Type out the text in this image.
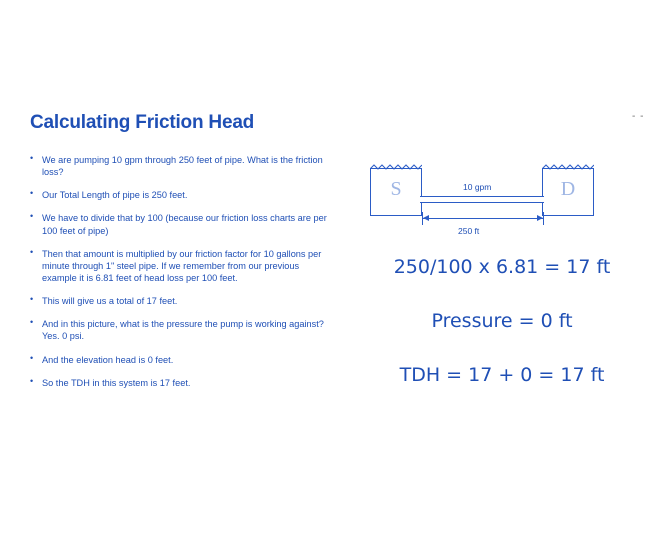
Calculating Friction Head	- -
• We are pumping 10 gpm through 250 feet of pipe. What is the friction loss?
• Our Total Length of pipe is 250 feet.
• We have to divide that by 100 (because our friction loss charts are per 100 feet of pipe)
• Then that amount is multiplied by our friction factor for 10 gallons per minute through 1" steel pipe. If we remember from our previous example it is 6.81 feet of head loss per 100 feet.
• This will give us a total of 17 feet.
• And in this picture, what is the pressure the pump is working against? Yes. 0 psi.
• And the elevation head is 0 feet.
• So the TDH in this system is 17 feet.
S	D
10 gpm
250 ft
250/100 x 6.81 = 17 ft
Pressure = 0 ft
TDH = 17 + 0 = 17 ft
